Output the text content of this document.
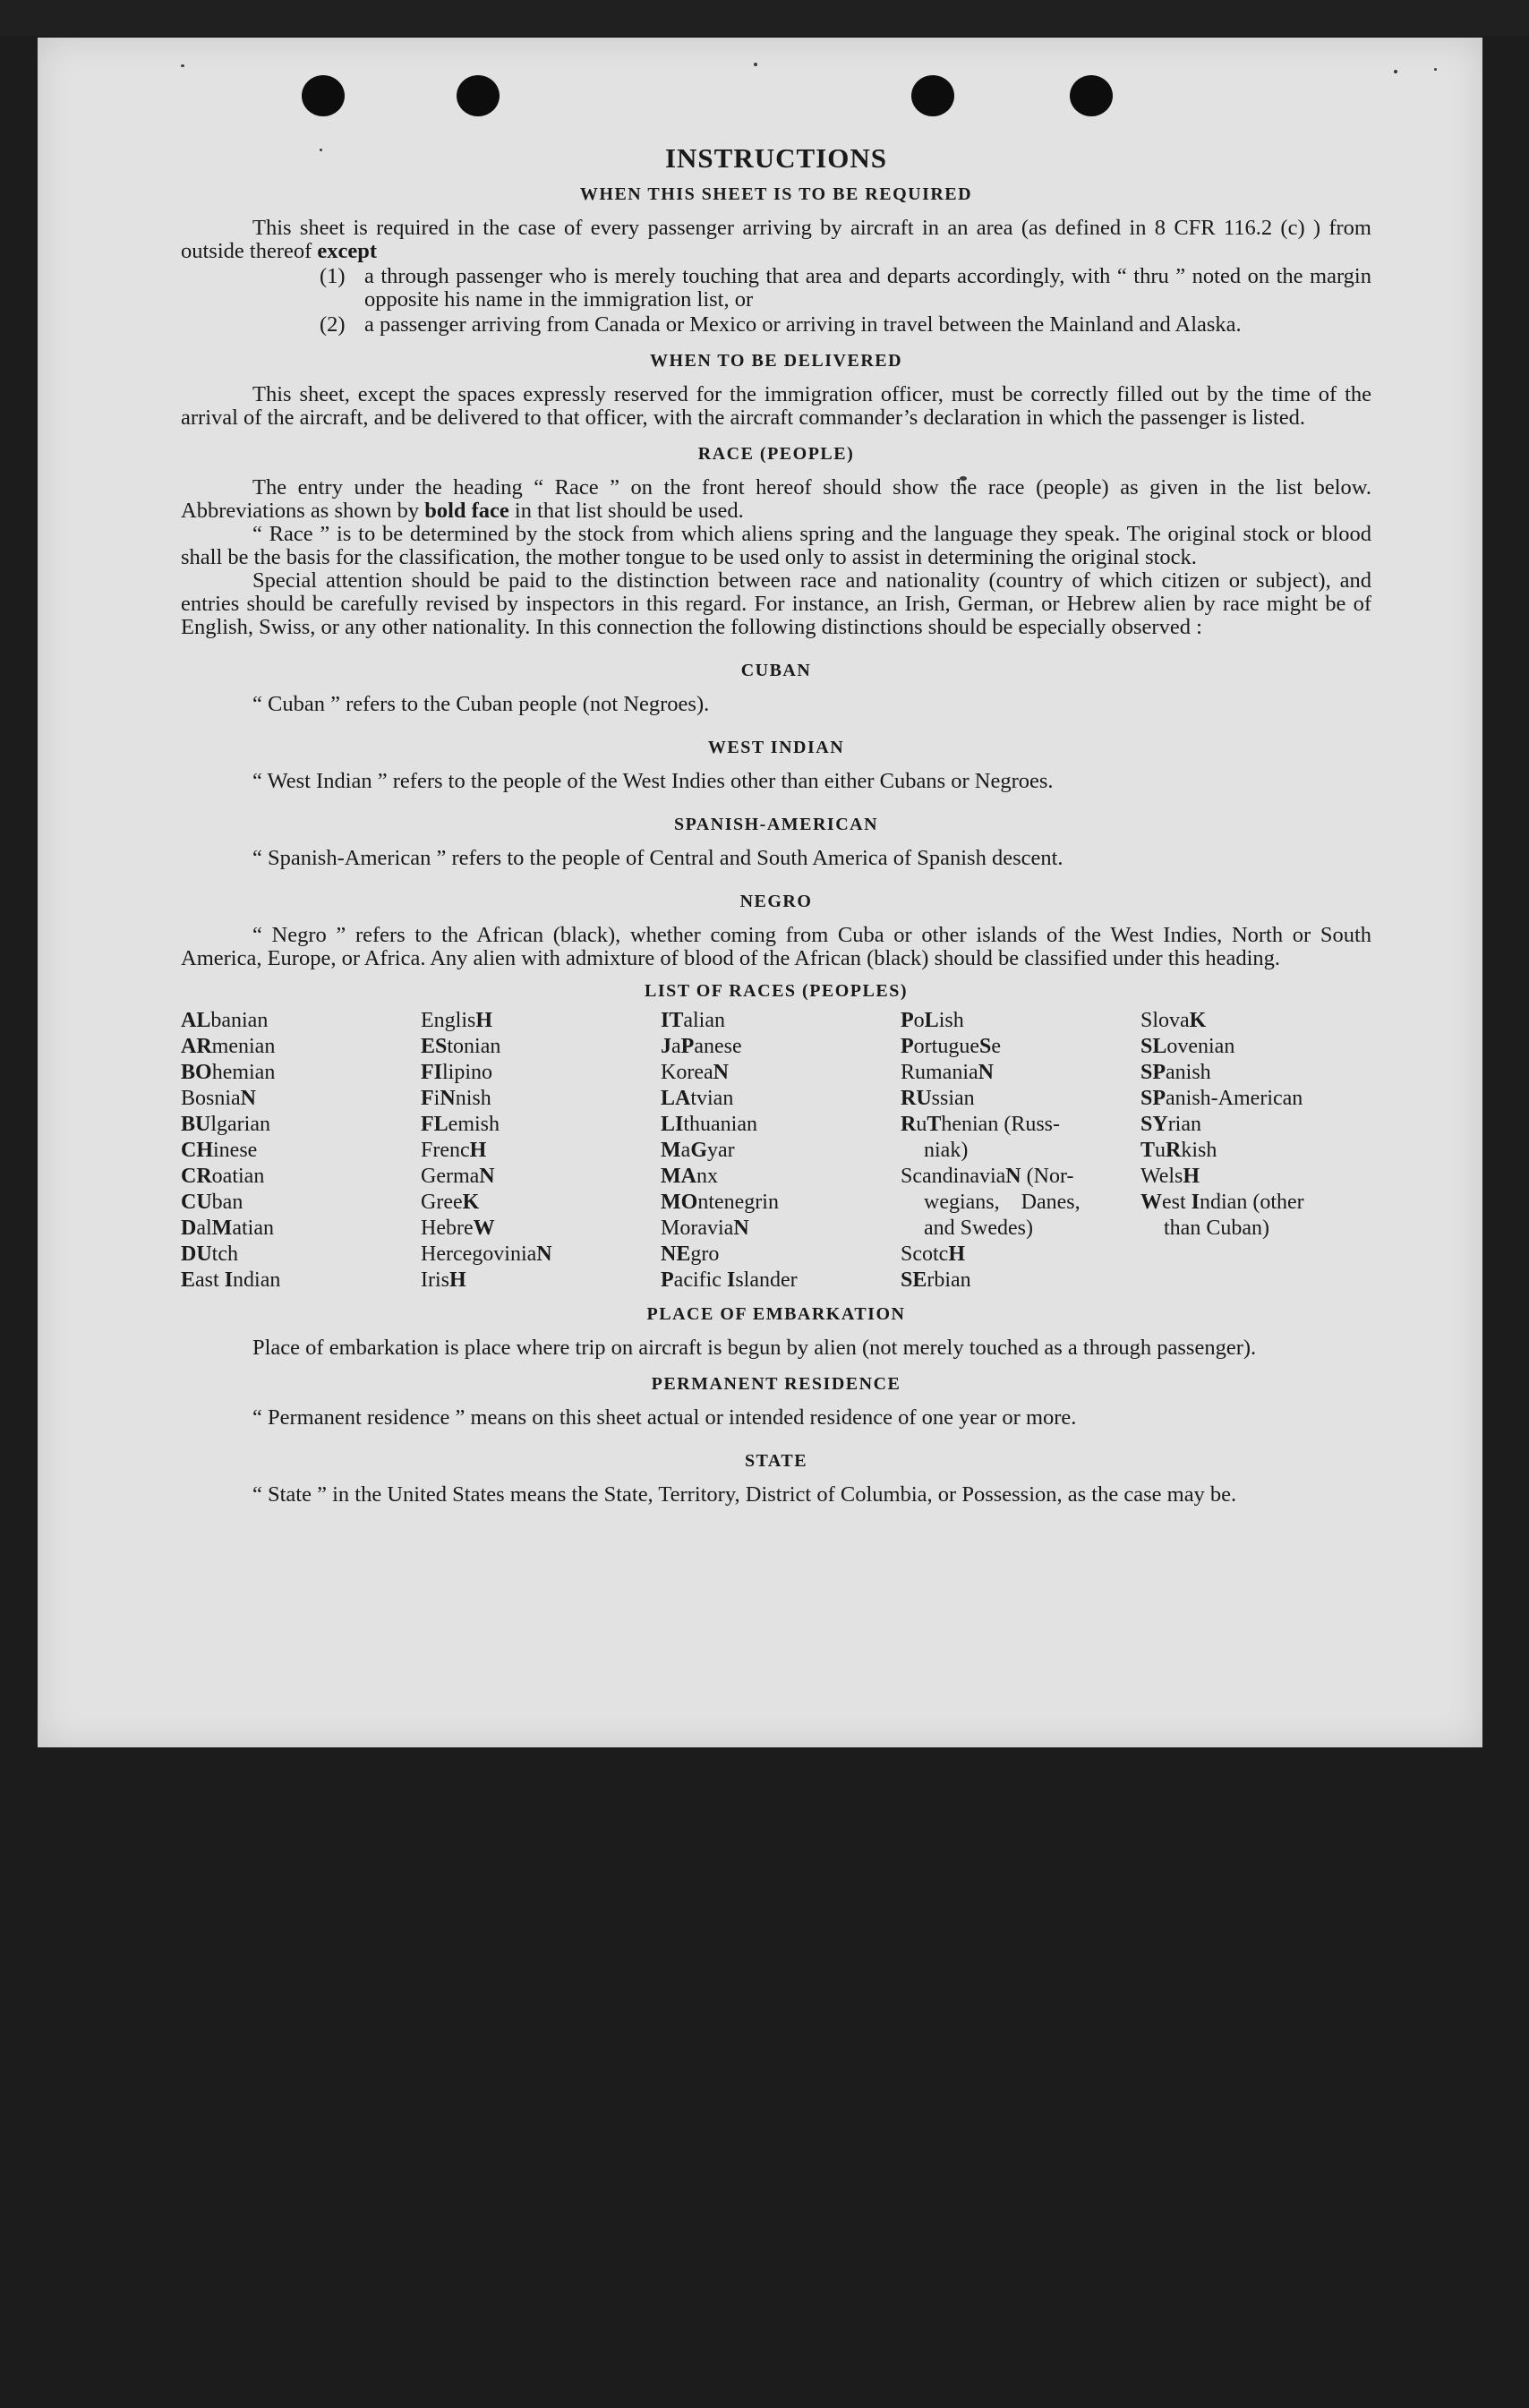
INSTRUCTIONS
WHEN THIS SHEET IS TO BE REQUIRED

This sheet is required in the case of every passenger arriving by aircraft in an area (as defined in 8 CFR 116.2 (c) ) from outside thereof except

(1) a through passenger who is merely touching that area and departs accordingly, with “ thru ” noted on the margin opposite his name in the immigration list, or
(2) a passenger arriving from Canada or Mexico or arriving in travel between the Mainland and Alaska.
WHEN TO BE DELIVERED

This sheet, except the spaces expressly reserved for the immigration officer, must be correctly filled out by the time of the arrival of the aircraft, and be delivered to that officer, with the aircraft commander’s declaration in which the passenger is listed.

RACE (PEOPLE)

The entry under the heading “ Race ” on the front hereof should show the race (people) as given in the list below. Abbreviations as shown by bold face in that list should be used.

“ Race ” is to be determined by the stock from which aliens spring and the language they speak. The original stock or blood shall be the basis for the classification, the mother tongue to be used only to assist in determining the original stock.

Special attention should be paid to the distinction between race and nationality (country of which citizen or subject), and entries should be carefully revised by inspectors in this regard. For instance, an Irish, German, or Hebrew alien by race might be of English, Swiss, or any other nationality. In this connection the following distinctions should be especially observed :

CUBAN

“ Cuban ” refers to the Cuban people (not Negroes).

WEST INDIAN

“ West Indian ” refers to the people of the West Indies other than either Cubans or Negroes.

SPANISH-AMERICAN

“ Spanish-American ” refers to the people of Central and South America of Spanish descent.

NEGRO

“ Negro ” refers to the African (black), whether coming from Cuba or other islands of the West Indies, North or South America, Europe, or Africa. Any alien with admixture of blood of the African (black) should be classified under this heading.

LIST OF RACES (PEOPLES)
ALbanian
ARmenian
BOhemian
BosniaN
BUlgarian
CHinese
CRoatian
CUban
DalMatian
DUtch
East Indian
EnglisH
EStonian
FIlipino
FiNnish
FLemish
FrencH
GermaN
GreeK
HebreW
HercegoviniaN
IrisH
ITalian
JaPanese
KoreaN
LAtvian
LIthuanian
MaGyar
MAnx
MOntenegrin
MoraviaN
NEgro
Pacific Islander
PoLish
PortugueSe
RumaniaN
RUssian
RuThenian (Russ-
niak)
ScandinaviaN (Nor-
wegians,    Danes,
and Swedes)
ScotcH
SErbian
SlovaK
SLovenian
SPanish
SPanish-American
SYrian
TuRkish
WelsH
West Indian (other
than Cuban)
PLACE OF EMBARKATION

Place of embarkation is place where trip on aircraft is begun by alien (not merely touched as a through passenger).

PERMANENT RESIDENCE

“ Permanent residence ” means on this sheet actual or intended residence of one year or more.

STATE

“ State ” in the United States means the State, Territory, District of Columbia, or Possession, as the case may be.
